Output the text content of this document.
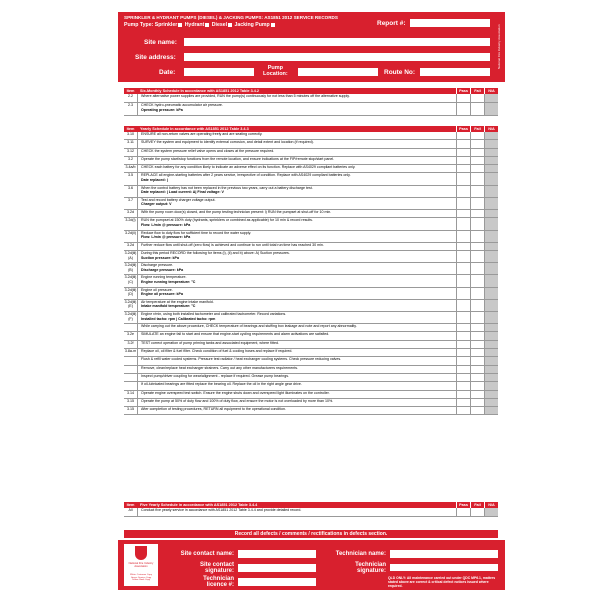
SPRINKLER & HYDRANT PUMPS (DIESEL) & JACKING PUMPS: AS1851 2012 SERVICE RECORDS
Pump Type: Sprinkler Hydrant Diesel Jacking Pump	Report #:
Site name:
Site address:
Date:
Pump
Location:	Route No:
National Fire Industry Association
Item	Six-Monthly Schedule in accordance with AS1851 2012 Table 3.4.2	Pass	Fail	N/A
2.2	Where alternative power supplies are provided, RUN the pump(s) continuously for not less than 5 minutes off the alternative supply.
2.3	CHECK hydro-pneumatic accumulator air pressure.
Operating pressure: kPa
Item	Yearly Schedule in accordance with AS1851 2012 Table 3.4.3	Pass	Fail	N/A
3.10	ENSURE all non-return valves are operating freely and are seating correctly.
3.11	SURVEY the system and equipment to identify external corrosion, and detail extent and location (if required).
3.12	CHECK the system pressure relief valve opens and closes at the pressure required.
3.2	Operate the pump start/stop functions from the remote location, and ensure indications at the FIP/remote stop/start panel.
3.4a/b	CHECK each battery for any condition likely to indicate an adverse effect on its function. Replace with AS4029 compliant batteries only.
3.5	REPLACE all engine-starting batteries after 2 years service, irrespective of condition. Replace with AS4029 compliant batteries only.
Date replaced: |
3.6	When the control battery has not been replaced in the previous two years, carry out a battery discharge test.
Date replaced: | Load current: A| Final voltage: V
3.7	Test and record battery charger voltage output.
Charger output: V
3.2d	With the pump room door(s) closed, and the pump testing technician present: i) RUN the pumpset at shut-off for 10 min.
3.2d(i)	RUN the pumpset at 150% duty (hydrants, sprinklers or combined as applicable) for 10 min & record results.
Flow: L/min @ pressure: kPa
3.2d(ii)	Reduce flow to duty flow for sufficient time to record the water supply.
Flow: L/min @ pressure: kPa
3.2d	Further reduce flow until shut-off (zero flow) is achieved and continue to run until total run time has reached 30 min.
3.2d(iii)(A)
During this period RECORD the following for items (i), (ii) and b) above: A) Suction pressures.
Suction pressure: kPa
3.2d(iii)(B)
Discharge pressure.
Discharge pressure: kPa
3.2d(iii)(C)
Engine running temperature.
Engine running temperature: °C
3.2d(iii)(D)
Engine oil pressure.
Engine oil pressure: kPa
3.2d(iii)(E)
Air temperature at the engine intake manifold.
Intake manifold temperature: °C
3.2d(iii)(F)
Engine r/min, using both installed tachometer and calibrated tachometer. Record variations.
Installed tacho: rpm | Calibrated tacho: rpm
While carrying out the above procedure, CHECK temperature of bearings and stuffing box leakage and note and report any abnormality.
3.2e	SIMULATE an engine fail to start and ensure that engine-start cycling requirements and alarm activations are satisfied.
3.2f	TEST correct operation of pump priming tanks and associated equipment, where fitted.
3.8a-m	Replace oil, oil filter & fuel filter. Check condition of fuel & cooling hoses and replace if required.
Flush & refill water cooled systems. Pressure test radiator / heat exchanger cooling systems. Check pressure reducing valves.
Remove, clean/replace heat exchanger strainers. Carry out any other manufacturers requirements.
Inspect pump/driver coupling for wear/alignment - replace if required. Grease pump bearings.
If oil-lubricated bearings are fitted replace the bearing oil. Replace the oil in the right angle gear drive.
3.14	Operate engine overspeed test switch. Ensure the engine shuts down and overspeed light illuminates on the controller.
3.15	Operate the pump at 50% of duty flow and 100% of duty flow, and ensure the motor is not overloaded by more than 10%.
3.15	After completion of testing procedures, RETURN all equipment to the operational condition.
Item	Five Yearly Schedule in accordance with AS1851 2012 Table 3.4.4	Pass	Fail	N/A
All	Conduct five yearly service in accordance with AS1851 2012 Table 3.4.4 and provide detailed record.
Record all defects / comments / rectifications in defects section.
National Fire Industry Association
White: Customer Copy
Green: Service Copy
Yellow: Book Copy
Site contact name:
Site contact
signature:
Technician
licence #:
Technician name:
Technician
signature:
QLD ONLY: All maintenance carried out under QDC MP6.1, matters stated above are correct & critical defect notices issued where required.
